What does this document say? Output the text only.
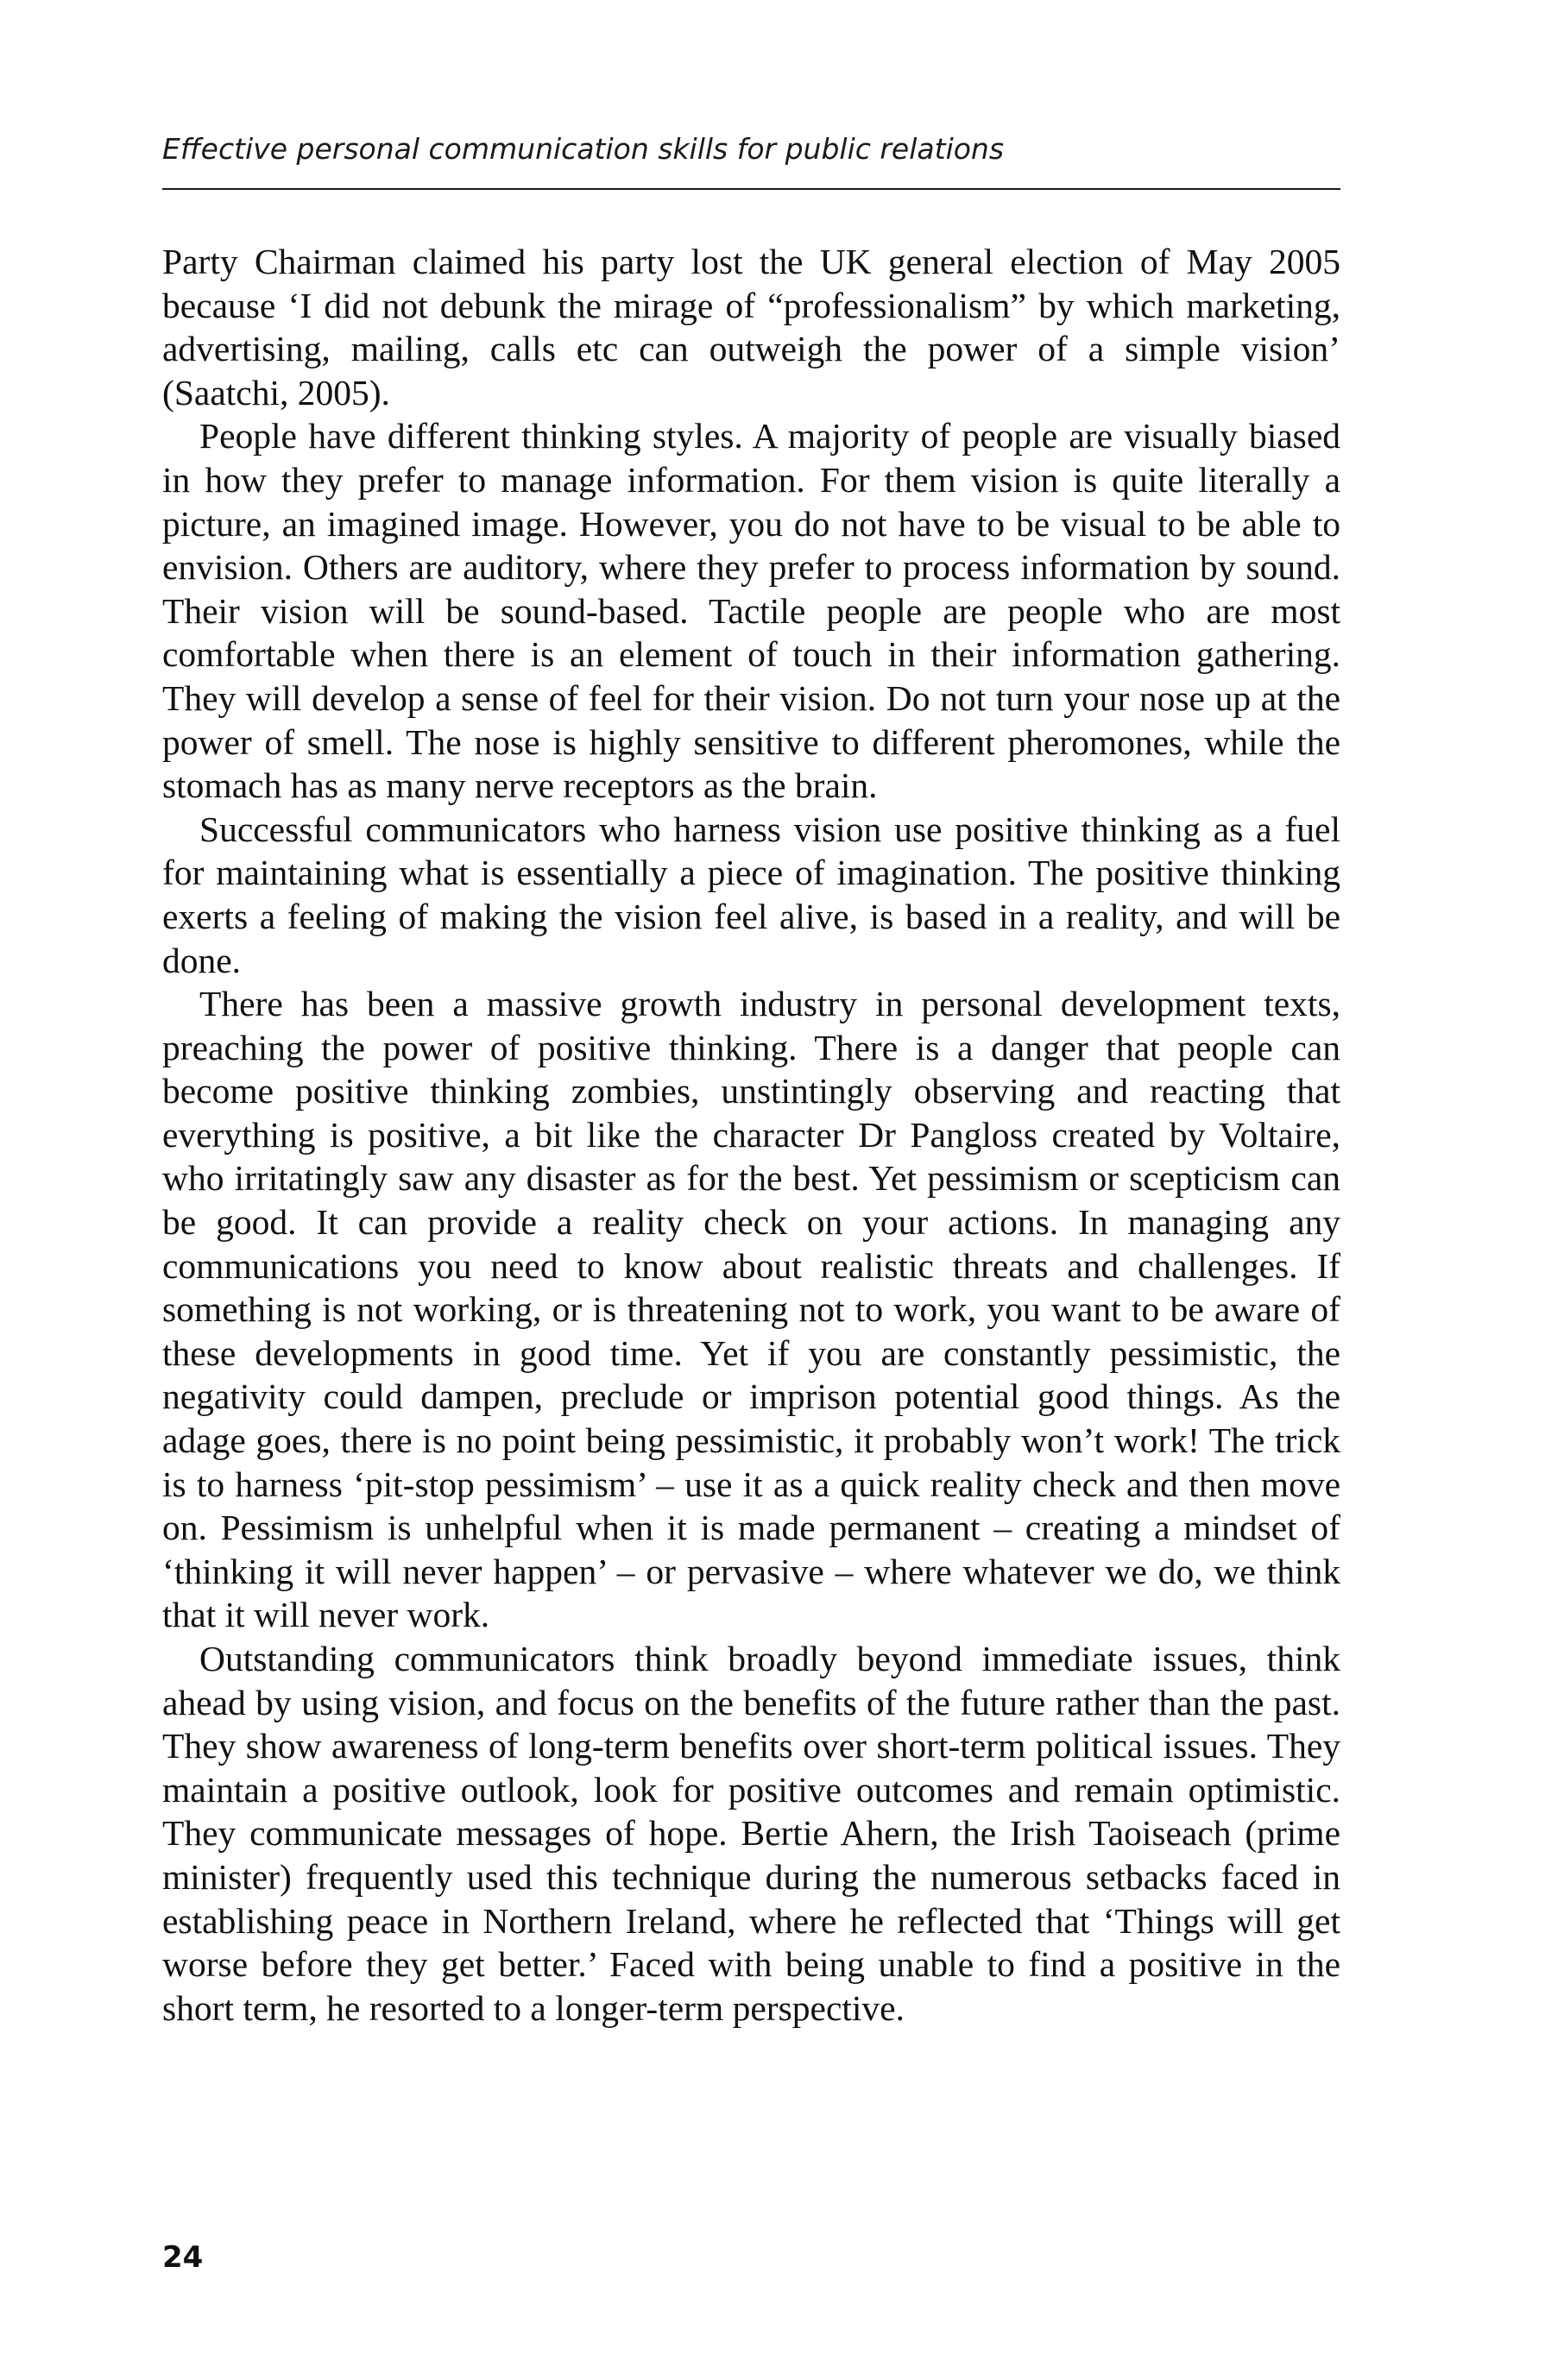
Effective personal communication skills for public relations

Party Chairman claimed his party lost the UK general election of May 2005 because ‘I did not debunk the mirage of “professionalism” by which marketing, advertising, mailing, calls etc can outweigh the power of a simple vision’ (Saatchi, 2005).

People have different thinking styles. A majority of people are visually biased in how they prefer to manage information. For them vision is quite literally a picture, an imagined image. However, you do not have to be visual to be able to envision. Others are auditory, where they prefer to process information by sound. Their vision will be sound-based. Tactile people are people who are most comfortable when there is an element of touch in their information gathering. They will develop a sense of feel for their vision. Do not turn your nose up at the power of smell. The nose is highly sensitive to different pheromones, while the stomach has as many nerve receptors as the brain.

Successful communicators who harness vision use positive thinking as a fuel for maintaining what is essentially a piece of imagination. The positive thinking exerts a feeling of making the vision feel alive, is based in a reality, and will be done.

There has been a massive growth industry in personal development texts, preaching the power of positive thinking. There is a danger that people can become positive thinking zombies, unstintingly observing and reacting that everything is positive, a bit like the character Dr Pangloss created by Voltaire, who irritatingly saw any disaster as for the best. Yet pessimism or scepticism can be good. It can provide a reality check on your actions. In managing any communications you need to know about realistic threats and challenges. If something is not working, or is threatening not to work, you want to be aware of these developments in good time. Yet if you are constantly pessimistic, the negativity could dampen, preclude or imprison potential good things. As the adage goes, there is no point being pessimistic, it probably won’t work! The trick is to harness ‘pit-stop pessimism’ – use it as a quick reality check and then move on. Pessimism is unhelpful when it is made permanent – creating a mindset of ‘thinking it will never happen’ – or pervasive – where whatever we do, we think that it will never work.

Outstanding communicators think broadly beyond immediate issues, think ahead by using vision, and focus on the benefits of the future rather than the past. They show awareness of long-term benefits over short-term political issues. They maintain a positive outlook, look for positive outcomes and remain optimistic. They communicate messages of hope. Bertie Ahern, the Irish Taoiseach (prime minister) frequently used this technique during the numerous setbacks faced in establishing peace in Northern Ireland, where he reflected that ‘Things will get worse before they get better.’ Faced with being unable to find a positive in the short term, he resorted to a longer-term perspective.

24
